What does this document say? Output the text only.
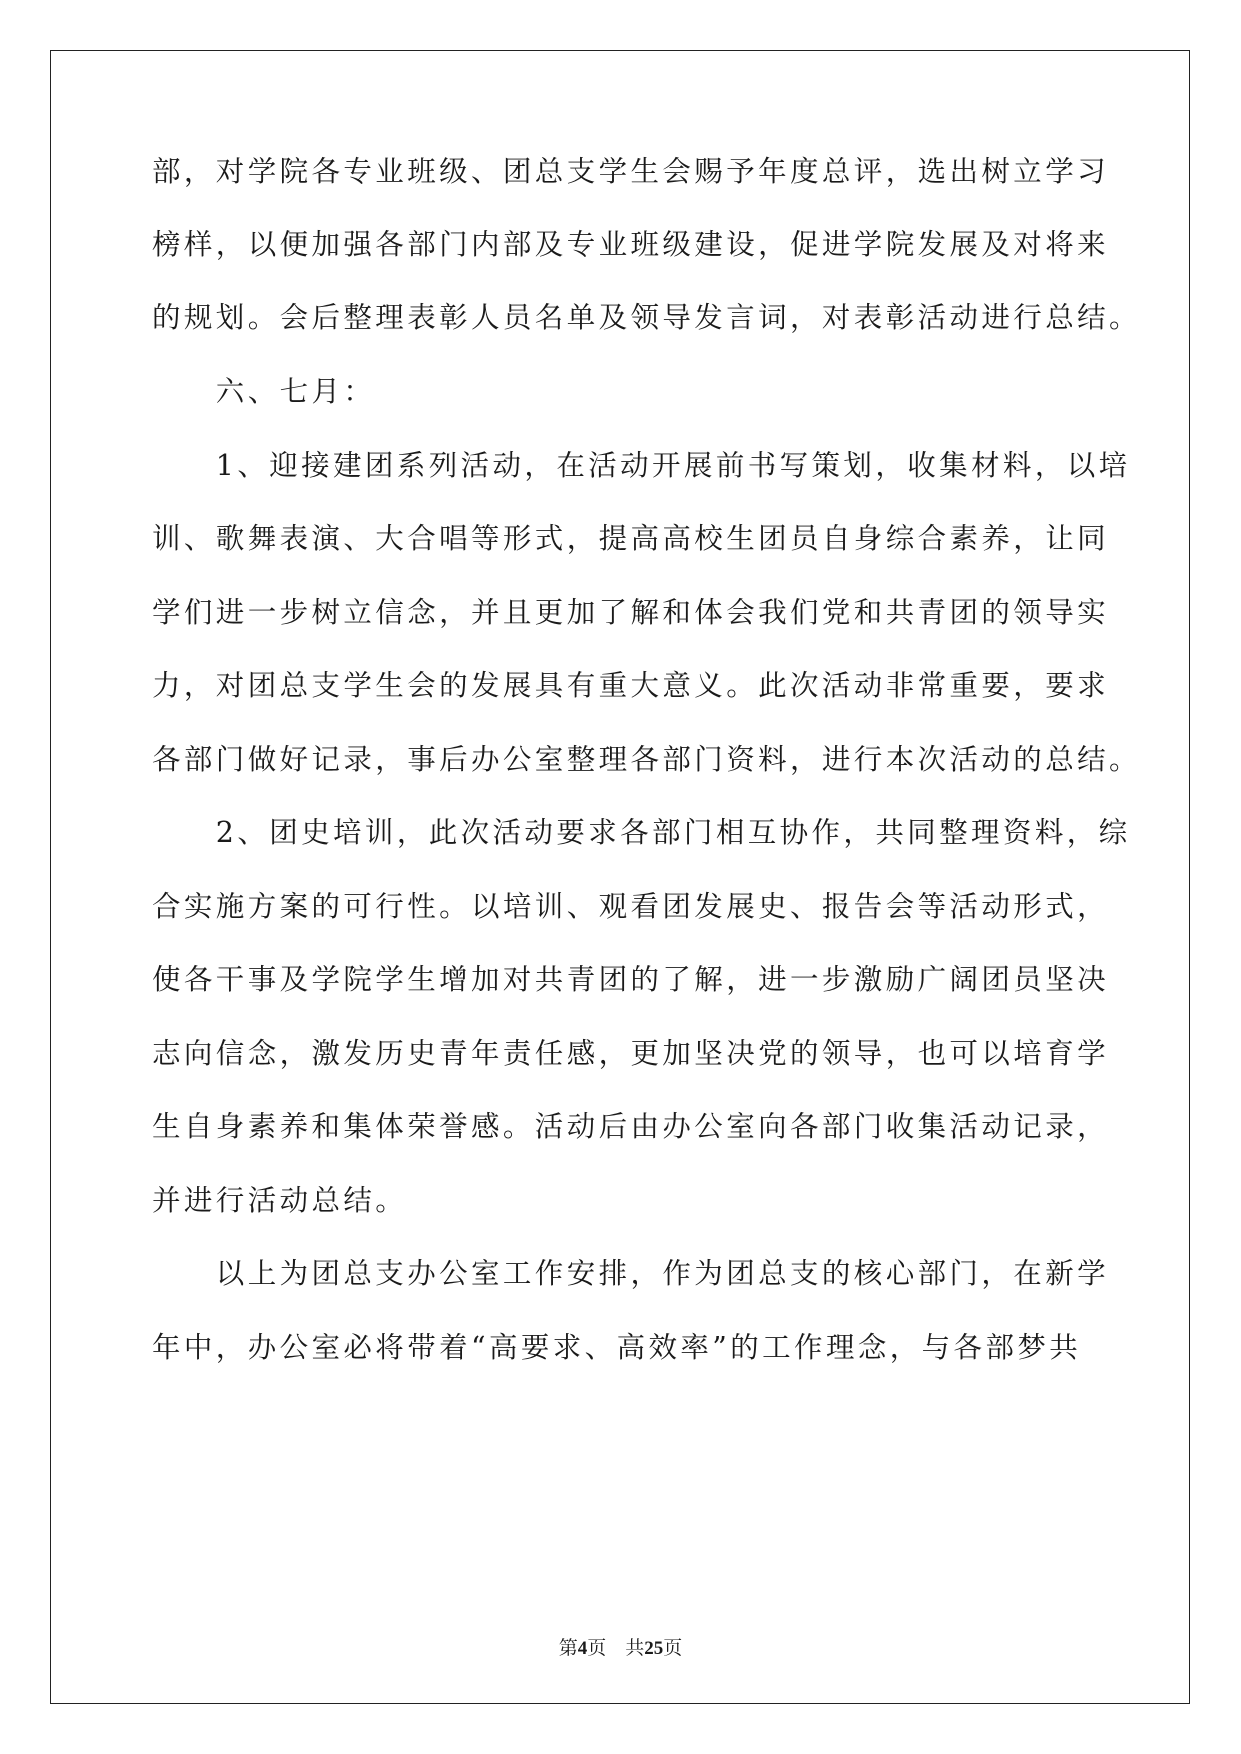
部，对学院各专业班级、团总支学生会赐予年度总评，选出树立学习
榜样，以便加强各部门内部及专业班级建设，促进学院发展及对将来
的规划。会后整理表彰人员名单及领导发言词，对表彰活动进行总结。
　　六、七月：
　　1、迎接建团系列活动，在活动开展前书写策划，收集材料，以培
训、歌舞表演、大合唱等形式，提高高校生团员自身综合素养，让同
学们进一步树立信念，并且更加了解和体会我们党和共青团的领导实
力，对团总支学生会的发展具有重大意义。此次活动非常重要，要求
各部门做好记录，事后办公室整理各部门资料，进行本次活动的总结。
　　2、团史培训，此次活动要求各部门相互协作，共同整理资料，综
合实施方案的可行性。以培训、观看团发展史、报告会等活动形式，
使各干事及学院学生增加对共青团的了解，进一步激励广阔团员坚决
志向信念，激发历史青年责任感，更加坚决党的领导，也可以培育学
生自身素养和集体荣誉感。活动后由办公室向各部门收集活动记录，
并进行活动总结。
　　以上为团总支办公室工作安排，作为团总支的核心部门，在新学
年中，办公室必将带着“高要求、高效率”的工作理念，与各部梦共
第4页　共25页
